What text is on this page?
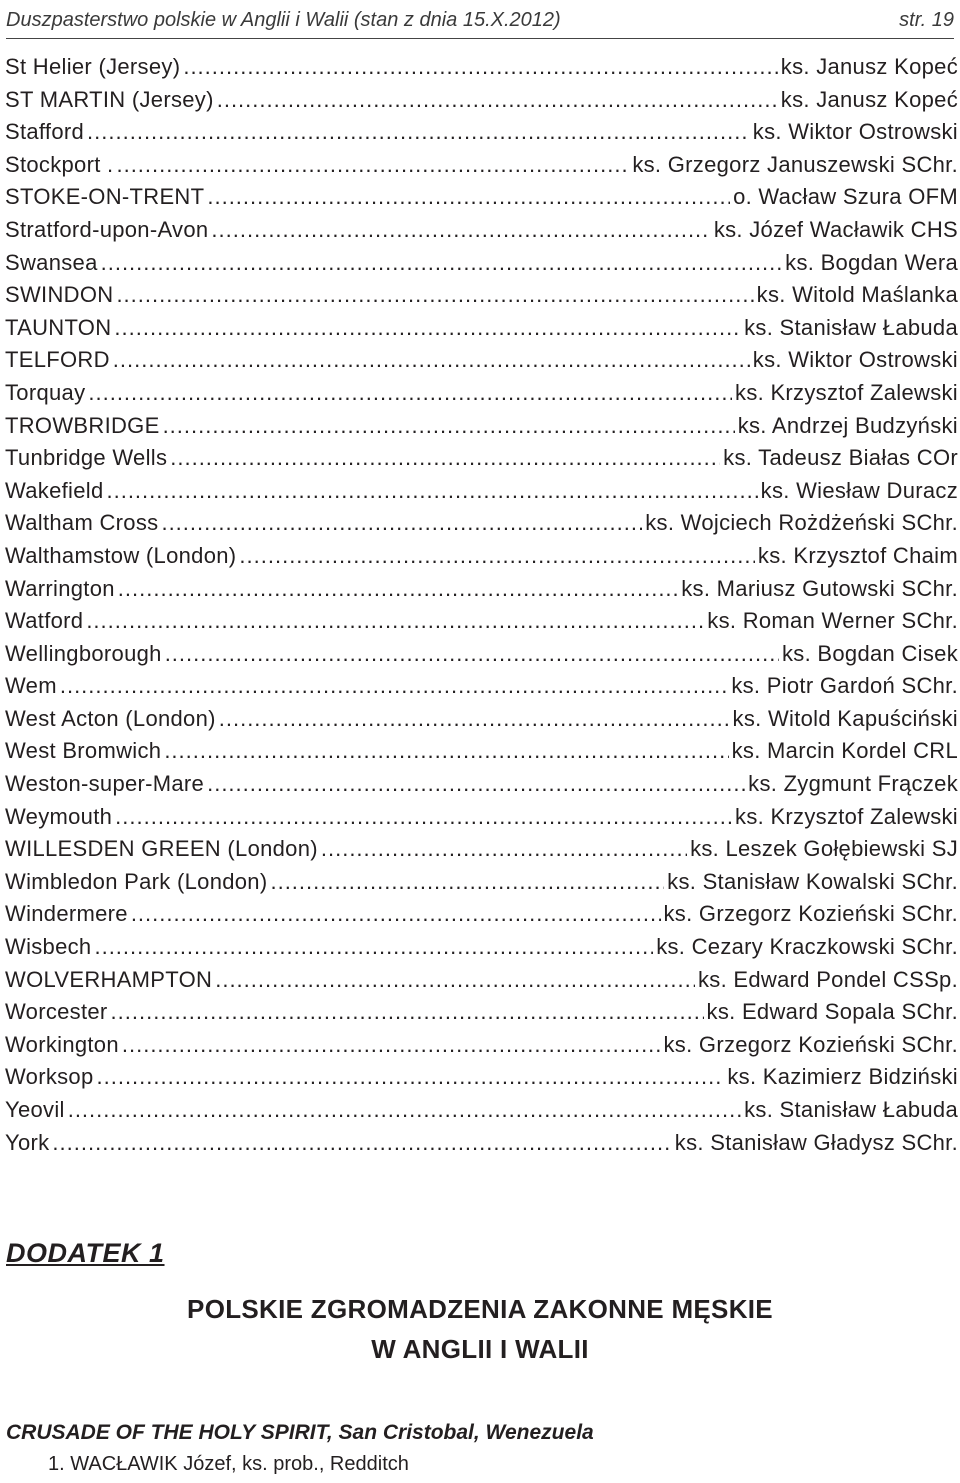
Duszpasterstwo polskie w Anglii i Walii (stan z dnia 15.X.2012)	str. 19
St Helier (Jersey) .....	ks. Janusz Kopeć
ST MARTIN (Jersey) .....	ks. Janusz Kopeć
Stafford .....	ks. Wiktor Ostrowski
Stockport . .....	ks. Grzegorz Januszewski SChr.
STOKE-ON-TRENT .....	o. Wacław Szura OFM
Stratford-upon-Avon .....	ks. Józef Wacławik CHS
Swansea .....	ks. Bogdan Wera
SWINDON .....	ks. Witold Maślanka
TAUNTON .....	ks. Stanisław Łabuda
TELFORD .....	ks. Wiktor Ostrowski
Torquay .....	ks. Krzysztof Zalewski
TROWBRIDGE .....	ks. Andrzej Budzyński
Tunbridge Wells .....	ks. Tadeusz Białas COr
Wakefield .....	ks. Wiesław Duracz
Waltham Cross .....	ks. Wojciech Rożdżeński SChr.
Walthamstow (London) .....	ks. Krzysztof Chaim
Warrington .....	ks. Mariusz Gutowski SChr.
Watford .....	ks. Roman Werner SChr.
Wellingborough .....	ks. Bogdan Cisek
Wem .....	ks. Piotr Gardoń SChr.
West Acton (London) .....	ks. Witold Kapuściński
West Bromwich .....	ks. Marcin Kordel CRL
Weston-super-Mare .....	ks. Zygmunt Frączek
Weymouth .....	ks. Krzysztof Zalewski
WILLESDEN GREEN (London) .....	ks. Leszek Gołębiewski SJ
Wimbledon Park (London) .....	ks. Stanisław Kowalski SChr.
Windermere .....	ks. Grzegorz Kozieński SChr.
Wisbech .....	ks. Cezary Kraczkowski SChr.
WOLVERHAMPTON .....	ks. Edward Pondel CSSp.
Worcester .....	ks. Edward Sopala SChr.
Workington .....	ks. Grzegorz Kozieński SChr.
Worksop .....	ks. Kazimierz Bidziński
Yeovil .....	ks. Stanisław Łabuda
York .....	ks. Stanisław Gładysz SChr.
DODATEK 1
POLSKIE ZGROMADZENIA ZAKONNE MĘSKIE
W ANGLII I WALII
CRUSADE OF THE HOLY SPIRIT, San Cristobal, Wenezuela
1. WACŁAWIK Józef, ks. prob., Redditch
